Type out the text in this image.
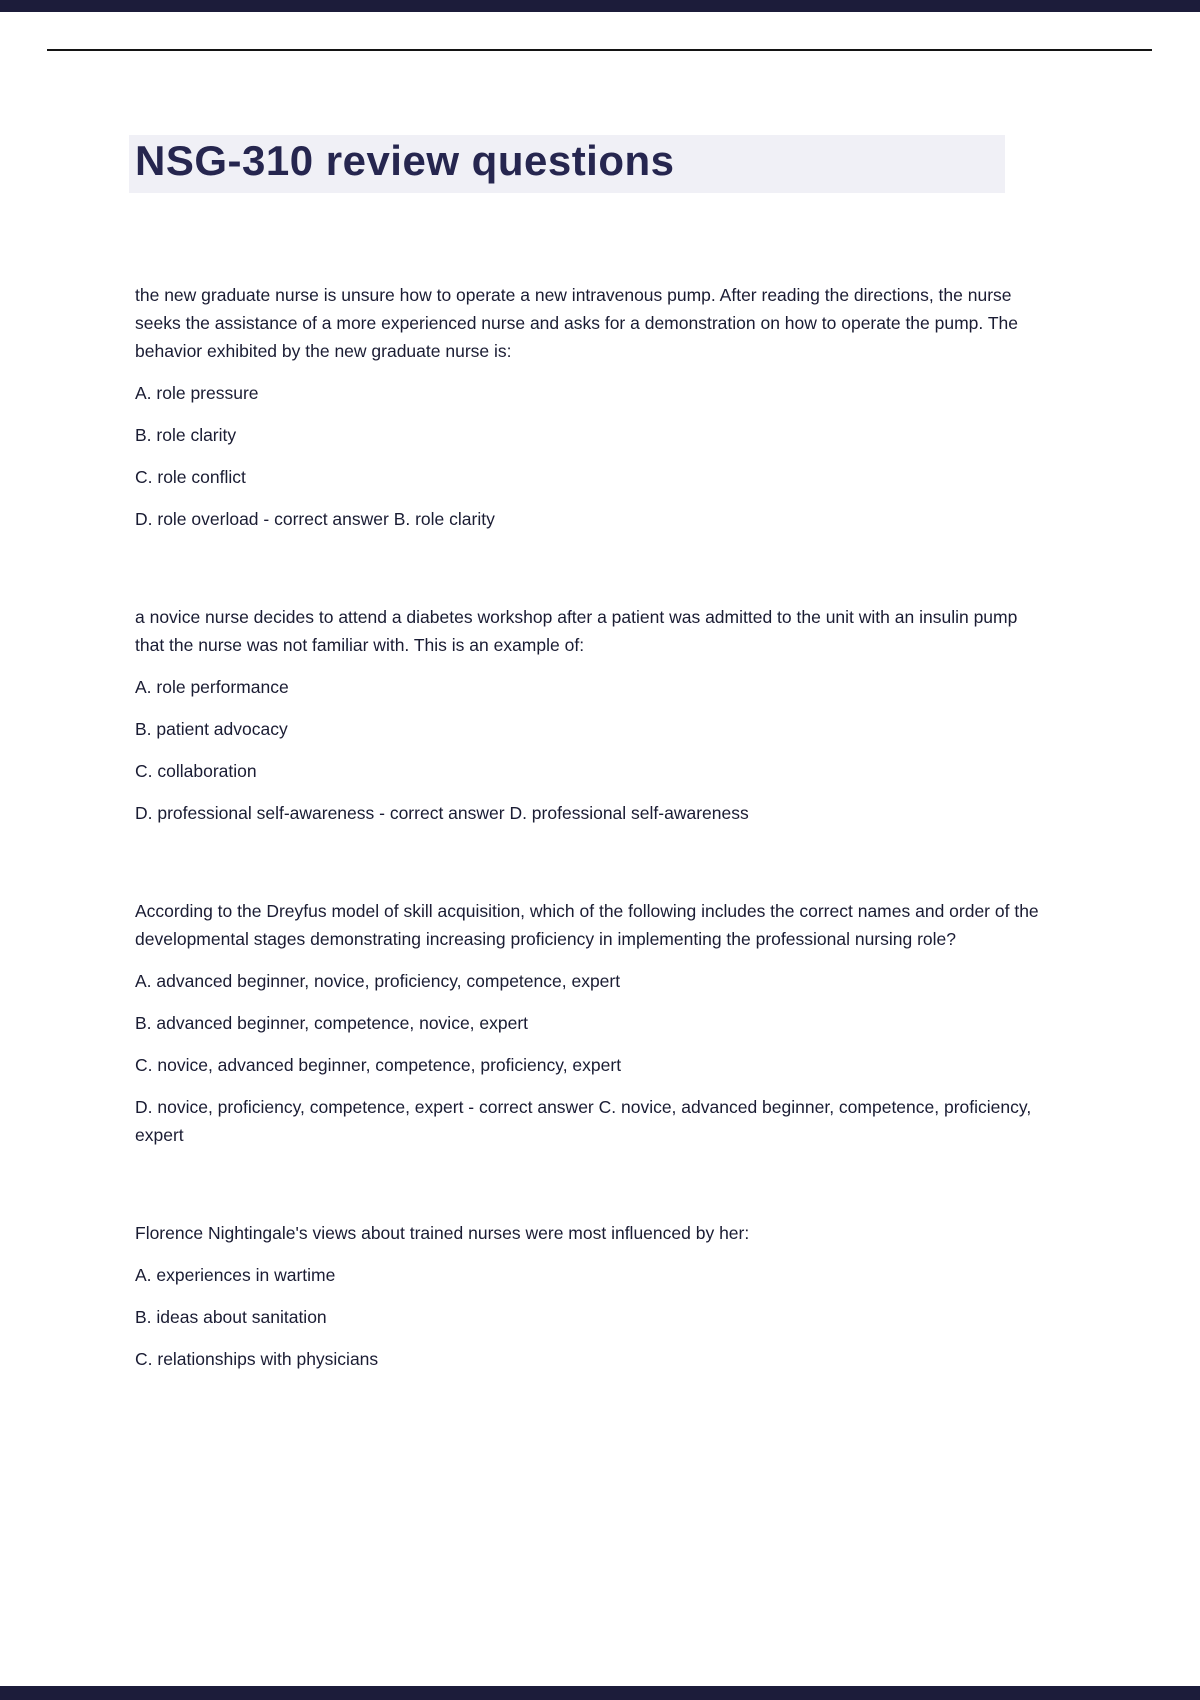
NSG-310 review questions

the new graduate nurse is unsure how to operate a new intravenous pump. After reading the directions, the nurse seeks the assistance of a more experienced nurse and asks for a demonstration on how to operate the pump. The behavior exhibited by the new graduate nurse is:

A. role pressure

B. role clarity

C. role conflict

D. role overload - correct answer B. role clarity

a novice nurse decides to attend a diabetes workshop after a patient was admitted to the unit with an insulin pump that the nurse was not familiar with. This is an example of:

A. role performance

B. patient advocacy

C. collaboration

D. professional self-awareness - correct answer D. professional self-awareness

According to the Dreyfus model of skill acquisition, which of the following includes the correct names and order of the developmental stages demonstrating increasing proficiency in implementing the professional nursing role?

A. advanced beginner, novice, proficiency, competence, expert

B. advanced beginner, competence, novice, expert

C. novice, advanced beginner, competence, proficiency, expert

D. novice, proficiency, competence, expert - correct answer C. novice, advanced beginner, competence, proficiency, expert

Florence Nightingale's views about trained nurses were most influenced by her:

A. experiences in wartime

B. ideas about sanitation

C. relationships with physicians
